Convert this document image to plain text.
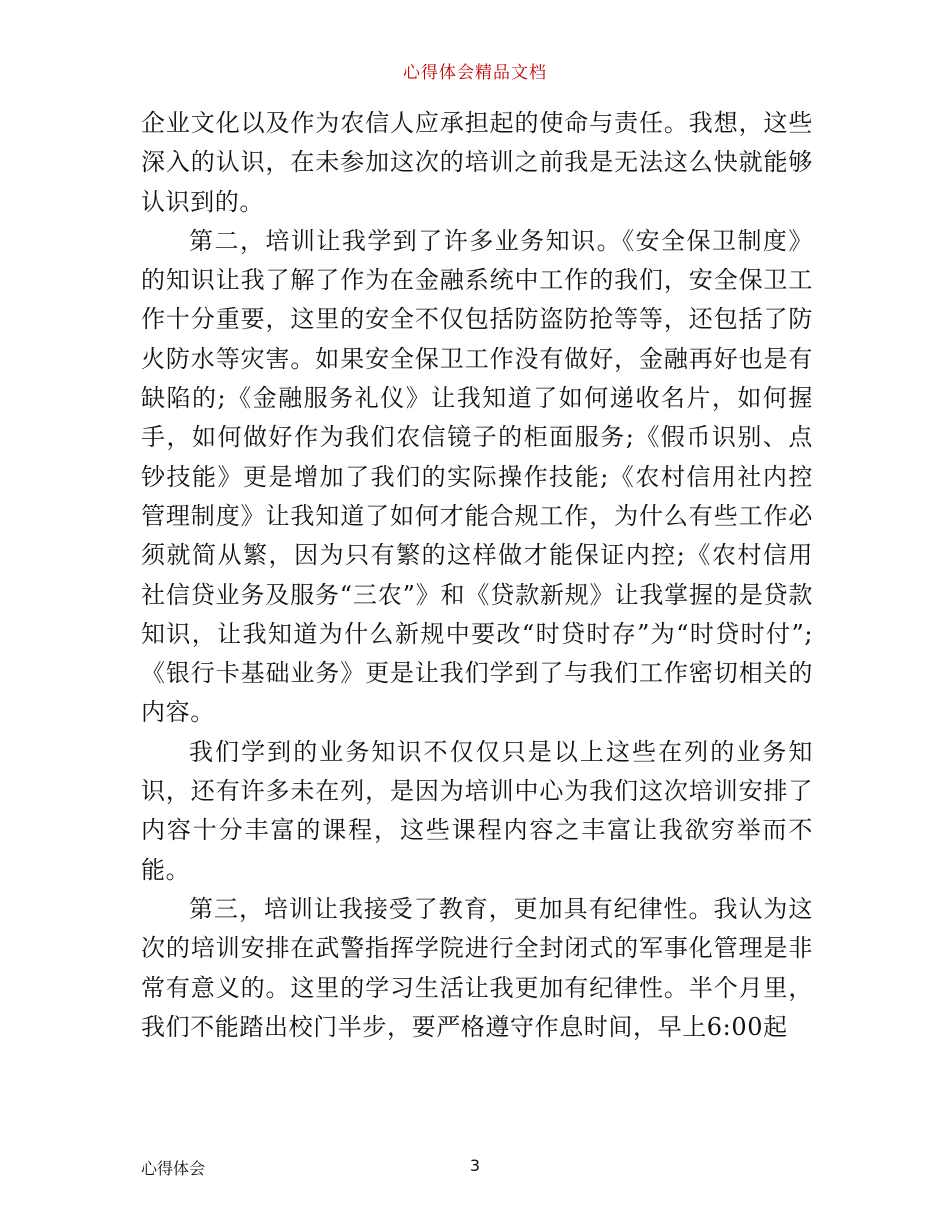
心得体会精品文档

企业文化以及作为农信人应承担起的使命与责任。我想，这些深入的认识，在未参加这次的培训之前我是无法这么快就能够认识到的。

第二，培训让我学到了许多业务知识。《安全保卫制度》的知识让我了解了作为在金融系统中工作的我们，安全保卫工作十分重要，这里的安全不仅包括防盗防抢等等，还包括了防火防水等灾害。如果安全保卫工作没有做好，金融再好也是有缺陷的;《金融服务礼仪》让我知道了如何递收名片，如何握手，如何做好作为我们农信镜子的柜面服务;《假币识别、点钞技能》更是增加了我们的实际操作技能;《农村信用社内控管理制度》让我知道了如何才能合规工作，为什么有些工作必须就简从繁，因为只有繁的这样做才能保证内控;《农村信用社信贷业务及服务“三农”》和《贷款新规》让我掌握的是贷款知识，让我知道为什么新规中要改“时贷时存”为“时贷时付”;《银行卡基础业务》更是让我们学到了与我们工作密切相关的内容。

我们学到的业务知识不仅仅只是以上这些在列的业务知识，还有许多未在列，是因为培训中心为我们这次培训安排了内容十分丰富的课程，这些课程内容之丰富让我欲穷举而不能。

第三，培训让我接受了教育，更加具有纪律性。我认为这次的培训安排在武警指挥学院进行全封闭式的军事化管理是非常有意义的。这里的学习生活让我更加有纪律性。半个月里，我们不能踏出校门半步，要严格遵守作息时间，早上6:00起

心得体会	3
